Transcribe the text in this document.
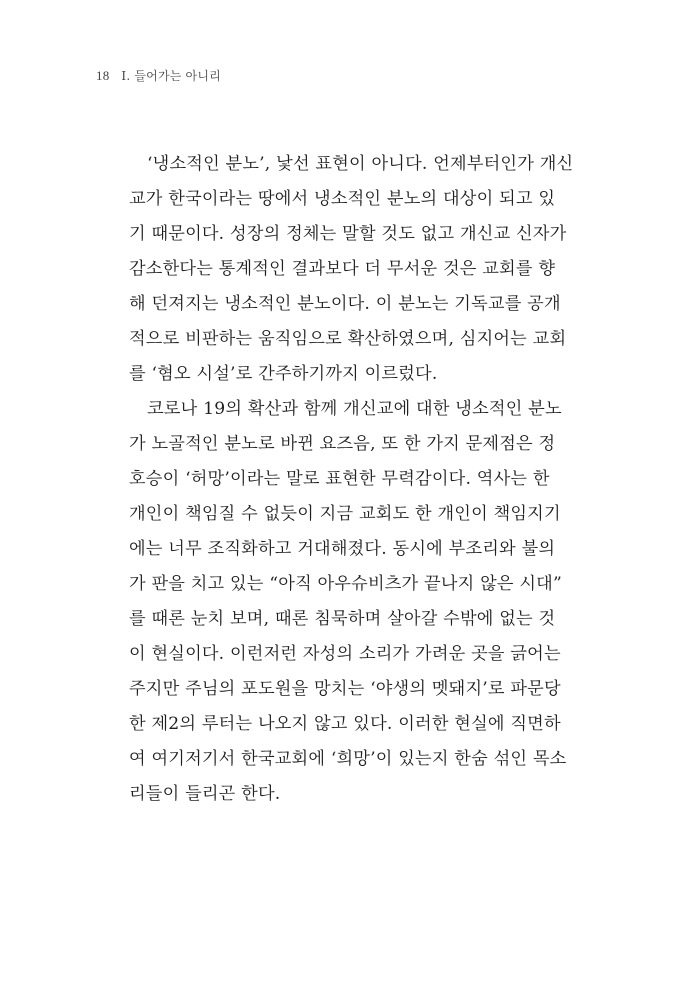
18 I. 들어가는 아니리
‘냉소적인 분노’, 낯선 표현이 아니다. 언제부터인가 개신
교가 한국이라는 땅에서 냉소적인 분노의 대상이 되고 있
기 때문이다. 성장의 정체는 말할 것도 없고 개신교 신자가
감소한다는 통계적인 결과보다 더 무서운 것은 교회를 향
해 던져지는 냉소적인 분노이다. 이 분노는 기독교를 공개
적으로 비판하는 움직임으로 확산하였으며, 심지어는 교회
를 ‘혐오 시설’로 간주하기까지 이르렀다.
코로나 19의 확산과 함께 개신교에 대한 냉소적인 분노
가 노골적인 분노로 바뀐 요즈음, 또 한 가지 문제점은 정
호승이 ‘허망’이라는 말로 표현한 무력감이다. 역사는 한
개인이 책임질 수 없듯이 지금 교회도 한 개인이 책임지기
에는 너무 조직화하고 거대해졌다. 동시에 부조리와 불의
가 판을 치고 있는 “아직 아우슈비츠가 끝나지 않은 시대”
를 때론 눈치 보며, 때론 침묵하며 살아갈 수밖에 없는 것
이 현실이다. 이런저런 자성의 소리가 가려운 곳을 긁어는
주지만 주님의 포도원을 망치는 ‘야생의 멧돼지’로 파문당
한 제2의 루터는 나오지 않고 있다. 이러한 현실에 직면하
여 여기저기서 한국교회에 ‘희망’이 있는지 한숨 섞인 목소
리들이 들리곤 한다.
